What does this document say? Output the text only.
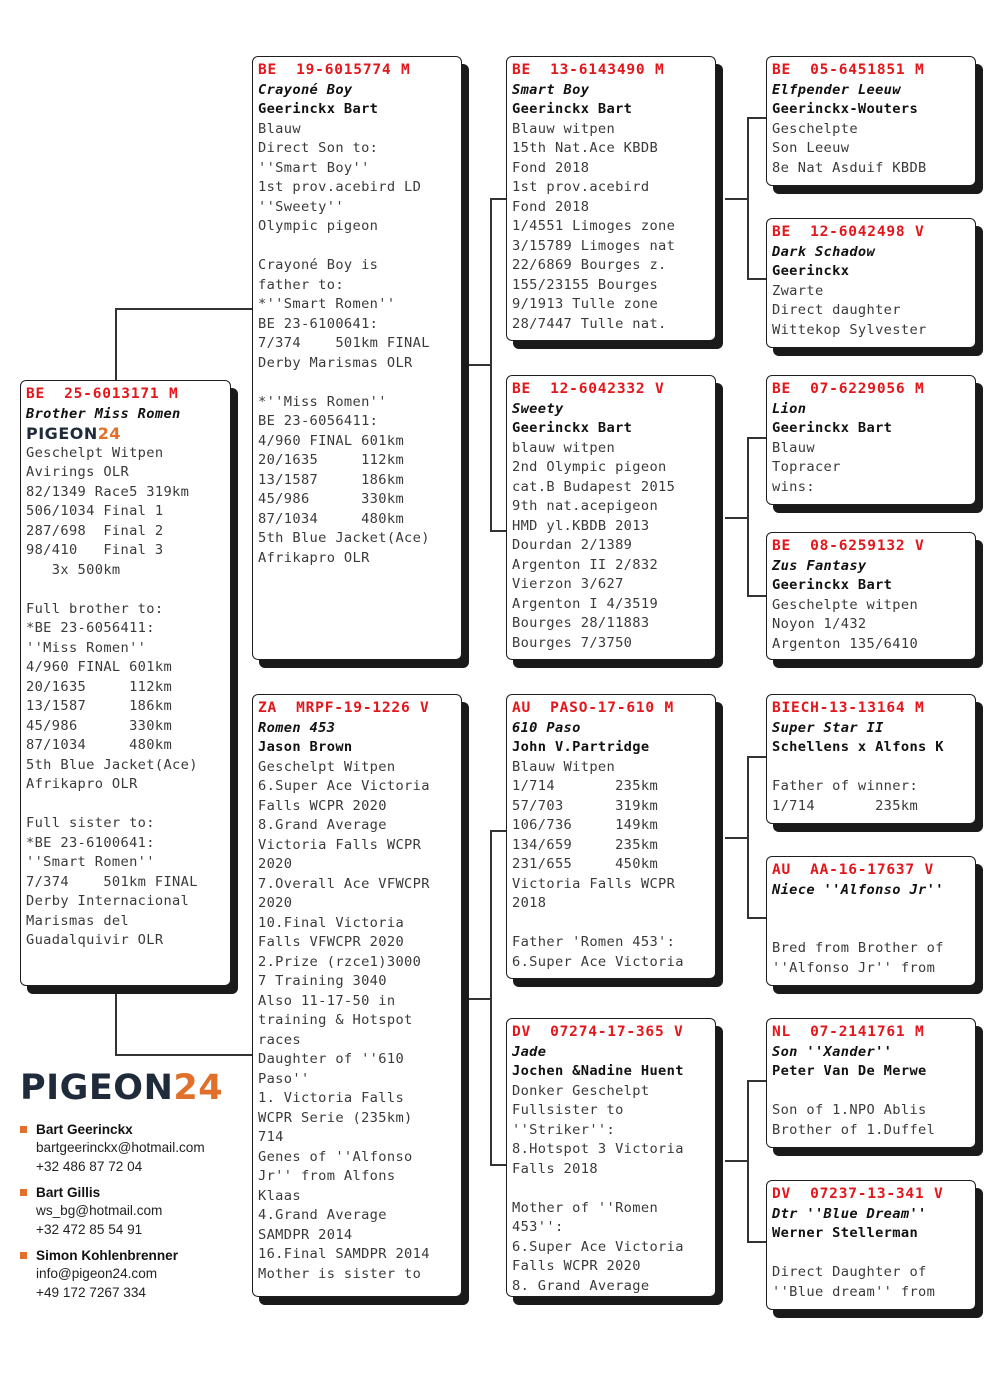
BE  25-6013171 M
Brother Miss Romen
PIGEON24
Geschelpt Witpen
Avirings OLR
82/1349 Race5 319km
506/1034 Final 1
287/698  Final 2
98/410   Final 3
3x 500km
Full brother to:
*BE 23-6056411:
''Miss Romen''
4/960 FINAL 601km
20/1635     112km
13/1587     186km
45/986      330km
87/1034     480km
5th Blue Jacket(Ace)
Afrikapro OLR
Full sister to:
*BE 23-6100641:
''Smart Romen''
7/374    501km FINAL
Derby Internacional
Marismas del
Guadalquivir OLR
BE  19-6015774 M
Crayoné Boy
Geerinckx Bart
Blauw
Direct Son to:
''Smart Boy''
1st prov.acebird LD
''Sweety''
Olympic pigeon
Crayoné Boy is
father to:
*''Smart Romen''
BE 23-6100641:
7/374    501km FINAL
Derby Marismas OLR
*''Miss Romen''
BE 23-6056411:
4/960 FINAL 601km
20/1635     112km
13/1587     186km
45/986      330km
87/1034     480km
5th Blue Jacket(Ace)
Afrikapro OLR
ZA  MRPF-19-1226 V
Romen 453
Jason Brown
Geschelpt Witpen
6.Super Ace Victoria
Falls WCPR 2020
8.Grand Average
Victoria Falls WCPR
2020
7.Overall Ace VFWCPR
2020
10.Final Victoria
Falls VFWCPR 2020
2.Prize (rzce1)3000
7 Training 3040
Also 11-17-50 in
training & Hotspot
races
Daughter of ''610
Paso''
1. Victoria Falls
WCPR Serie (235km)
714
Genes of ''Alfonso
Jr'' from Alfons
Klaas
4.Grand Average
SAMDPR 2014
16.Final SAMDPR 2014
Mother is sister to
BE  13-6143490 M
Smart Boy
Geerinckx Bart
Blauw witpen
15th Nat.Ace KBDB
Fond 2018
1st prov.acebird
Fond 2018
1/4551 Limoges zone
3/15789 Limoges nat
22/6869 Bourges z.
155/23155 Bourges
9/1913 Tulle zone
28/7447 Tulle nat.
BE  12-6042332 V
Sweety
Geerinckx Bart
blauw witpen
2nd Olympic pigeon
cat.B Budapest 2015
9th nat.acepigeon
HMD yl.KBDB 2013
Dourdan 2/1389
Argenton II 2/832
Vierzon 3/627
Argenton I 4/3519
Bourges 28/11883
Bourges 7/3750
AU  PASO-17-610 M
610 Paso
John V.Partridge
Blauw Witpen
1/714       235km
57/703      319km
106/736     149km
134/659     235km
231/655     450km
Victoria Falls WCPR
2018
Father 'Romen 453':
6.Super Ace Victoria
DV  07274-17-365 V
Jade
Jochen &Nadine Huent
Donker Geschelpt
Fullsister to
''Striker'':
8.Hotspot 3 Victoria
Falls 2018
Mother of ''Romen
453'':
6.Super Ace Victoria
Falls WCPR 2020
8. Grand Average
BE  05-6451851 M
Elfpender Leeuw
Geerinckx-Wouters
Geschelpte
Son Leeuw
8e Nat Asduif KBDB
BE  12-6042498 V
Dark Schadow
Geerinckx
Zwarte
Direct daughter
Wittekop Sylvester
BE  07-6229056 M
Lion
Geerinckx Bart
Blauw
Topracer
wins:
BE  08-6259132 V
Zus Fantasy
Geerinckx Bart
Geschelpte witpen
Noyon 1/432
Argenton 135/6410
BIECH-13-13164 M
Super Star II
Schellens x Alfons K
Father of winner:
1/714       235km
AU  AA-16-17637 V
Niece ''Alfonso Jr''
Bred from Brother of
''Alfonso Jr'' from
NL  07-2141761 M
Son ''Xander''
Peter Van De Merwe
Son of 1.NPO Ablis
Brother of 1.Duffel
DV  07237-13-341 V
Dtr ''Blue Dream''
Werner Stellerman
Direct Daughter of
''Blue dream'' from
PIGEON24
Bart Geerinckx
bartgeerinckx@hotmail.com
+32 486 87 72 04
Bart Gillis
ws_bg@hotmail.com
+32 472 85 54 91
Simon Kohlenbrenner
info@pigeon24.com
+49 172 7267 334
